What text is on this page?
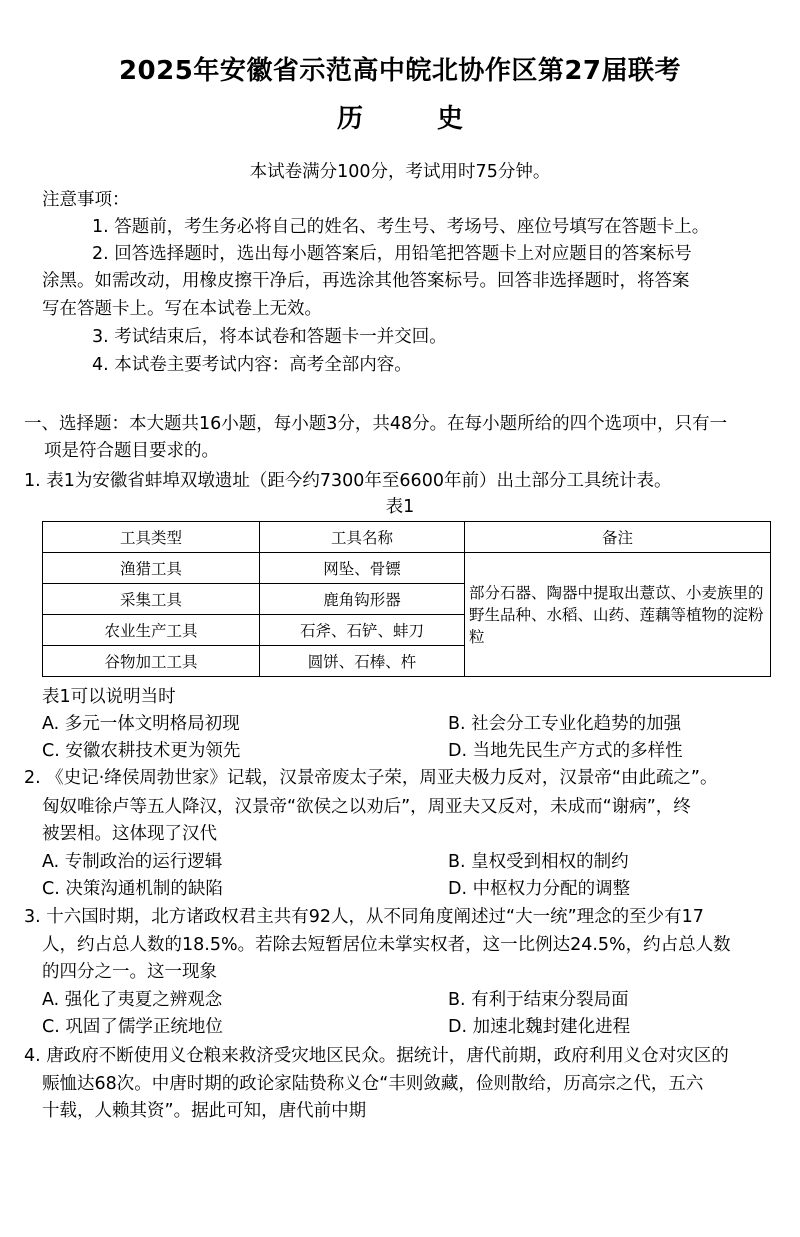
2025年安徽省示范高中皖北协作区第27届联考
历史
本试卷满分100分，考试用时75分钟。
注意事项：
1. 答题前，考生务必将自己的姓名、考生号、考场号、座位号填写在答题卡上。
2. 回答选择题时，选出每小题答案后，用铅笔把答题卡上对应题目的答案标号
涂黑。如需改动，用橡皮擦干净后，再选涂其他答案标号。回答非选择题时，将答案
写在答题卡上。写在本试卷上无效。
3. 考试结束后，将本试卷和答题卡一并交回。
4. 本试卷主要考试内容：高考全部内容。
一、选择题：本大题共16小题，每小题3分，共48分。在每小题所给的四个选项中，只有一
项是符合题目要求的。
1. 表1为安徽省蚌埠双墩遗址（距今约7300年至6600年前）出土部分工具统计表。
表1
工具类型	工具名称	备注
渔猎工具	网坠、骨镖	部分石器、陶器中提取出薏苡、小麦族里的野生品种、水稻、山药、莲藕等植物的淀粉粒
采集工具	鹿角钩形器	
农业生产工具	石斧、石铲、蚌刀	
谷物加工工具	圆饼、石棒、杵	
表1可以说明当时
A. 多元一体文明格局初现	B. 社会分工专业化趋势的加强
C. 安徽农耕技术更为领先	D. 当地先民生产方式的多样性
2. 《史记·绛侯周勃世家》记载，汉景帝废太子荣，周亚夫极力反对，汉景帝“由此疏之”。
匈奴唯徐卢等五人降汉，汉景帝“欲侯之以劝后”，周亚夫又反对，未成而“谢病”，终
被罢相。这体现了汉代
A. 专制政治的运行逻辑	B. 皇权受到相权的制约
C. 决策沟通机制的缺陷	D. 中枢权力分配的调整
3. 十六国时期，北方诸政权君主共有92人，从不同角度阐述过“大一统”理念的至少有17
人，约占总人数的18.5%。若除去短暂居位未掌实权者，这一比例达24.5%，约占总人数
的四分之一。这一现象
A. 强化了夷夏之辨观念	B. 有利于结束分裂局面
C. 巩固了儒学正统地位	D. 加速北魏封建化进程
4. 唐政府不断使用义仓粮来救济受灾地区民众。据统计，唐代前期，政府利用义仓对灾区的
赈恤达68次。中唐时期的政论家陆贽称义仓“丰则敛藏，俭则散给，历高宗之代，五六
十载，人赖其资”。据此可知，唐代前中期
